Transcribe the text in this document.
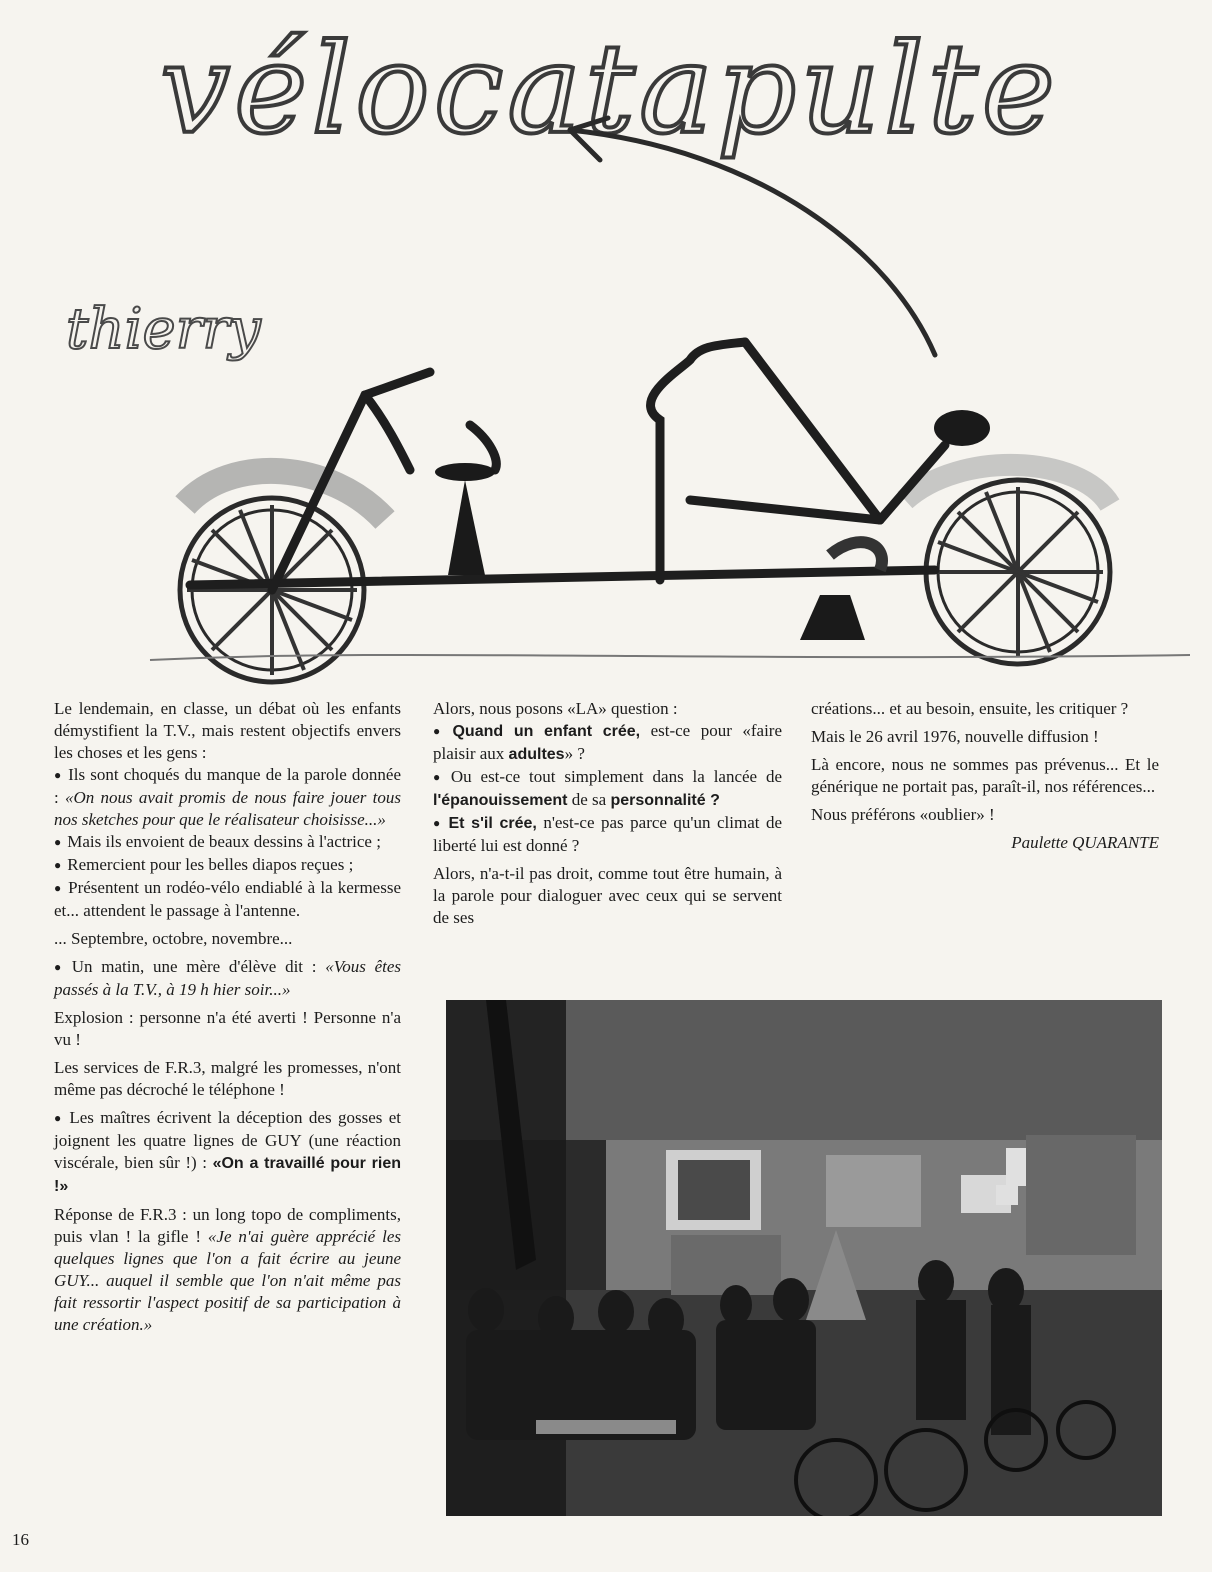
vélocatapulte
thierry

Le lendemain, en classe, un débat où les enfants démystifient la T.V., mais restent objectifs envers les choses et les gens :

● Ils sont choqués du manque de la parole donnée : «On nous avait promis de nous faire jouer tous nos sketches pour que le réalisateur choisisse...»

● Mais ils envoient de beaux dessins à l'actrice ;

● Remercient pour les belles diapos reçues ;

● Présentent un rodéo-vélo endiablé à la kermesse et... attendent le passage à l'antenne.

... Septembre, octobre, novembre...

● Un matin, une mère d'élève dit : «Vous êtes passés à la T.V., à 19 h hier soir...»

Explosion : personne n'a été averti ! Personne n'a vu !

Les services de F.R.3, malgré les promesses, n'ont même pas décroché le téléphone !

● Les maîtres écrivent la déception des gosses et joignent les quatre lignes de GUY (une réaction viscérale, bien sûr !) : «On a travaillé pour rien !»

Réponse de F.R.3 : un long topo de compliments, puis vlan ! la gifle ! «Je n'ai guère apprécié les quelques lignes que l'on a fait écrire au jeune GUY... auquel il semble que l'on n'ait même pas fait ressortir l'aspect positif de sa participation à une création.»

Alors, nous posons «LA» question :

● Quand un enfant crée, est-ce pour «faire plaisir aux adultes» ?

● Ou est-ce tout simplement dans la lancée de l'épanouissement de sa personnalité ?

● Et s'il crée, n'est-ce pas parce qu'un climat de liberté lui est donné ?

Alors, n'a-t-il pas droit, comme tout être humain, à la parole pour dialoguer avec ceux qui se servent de ses

créations... et au besoin, ensuite, les critiquer ?

Mais le 26 avril 1976, nouvelle diffusion !

Là encore, nous ne sommes pas prévenus... Et le générique ne portait pas, paraît-il, nos références...

Nous préférons «oublier» !

Paulette QUARANTE

16
